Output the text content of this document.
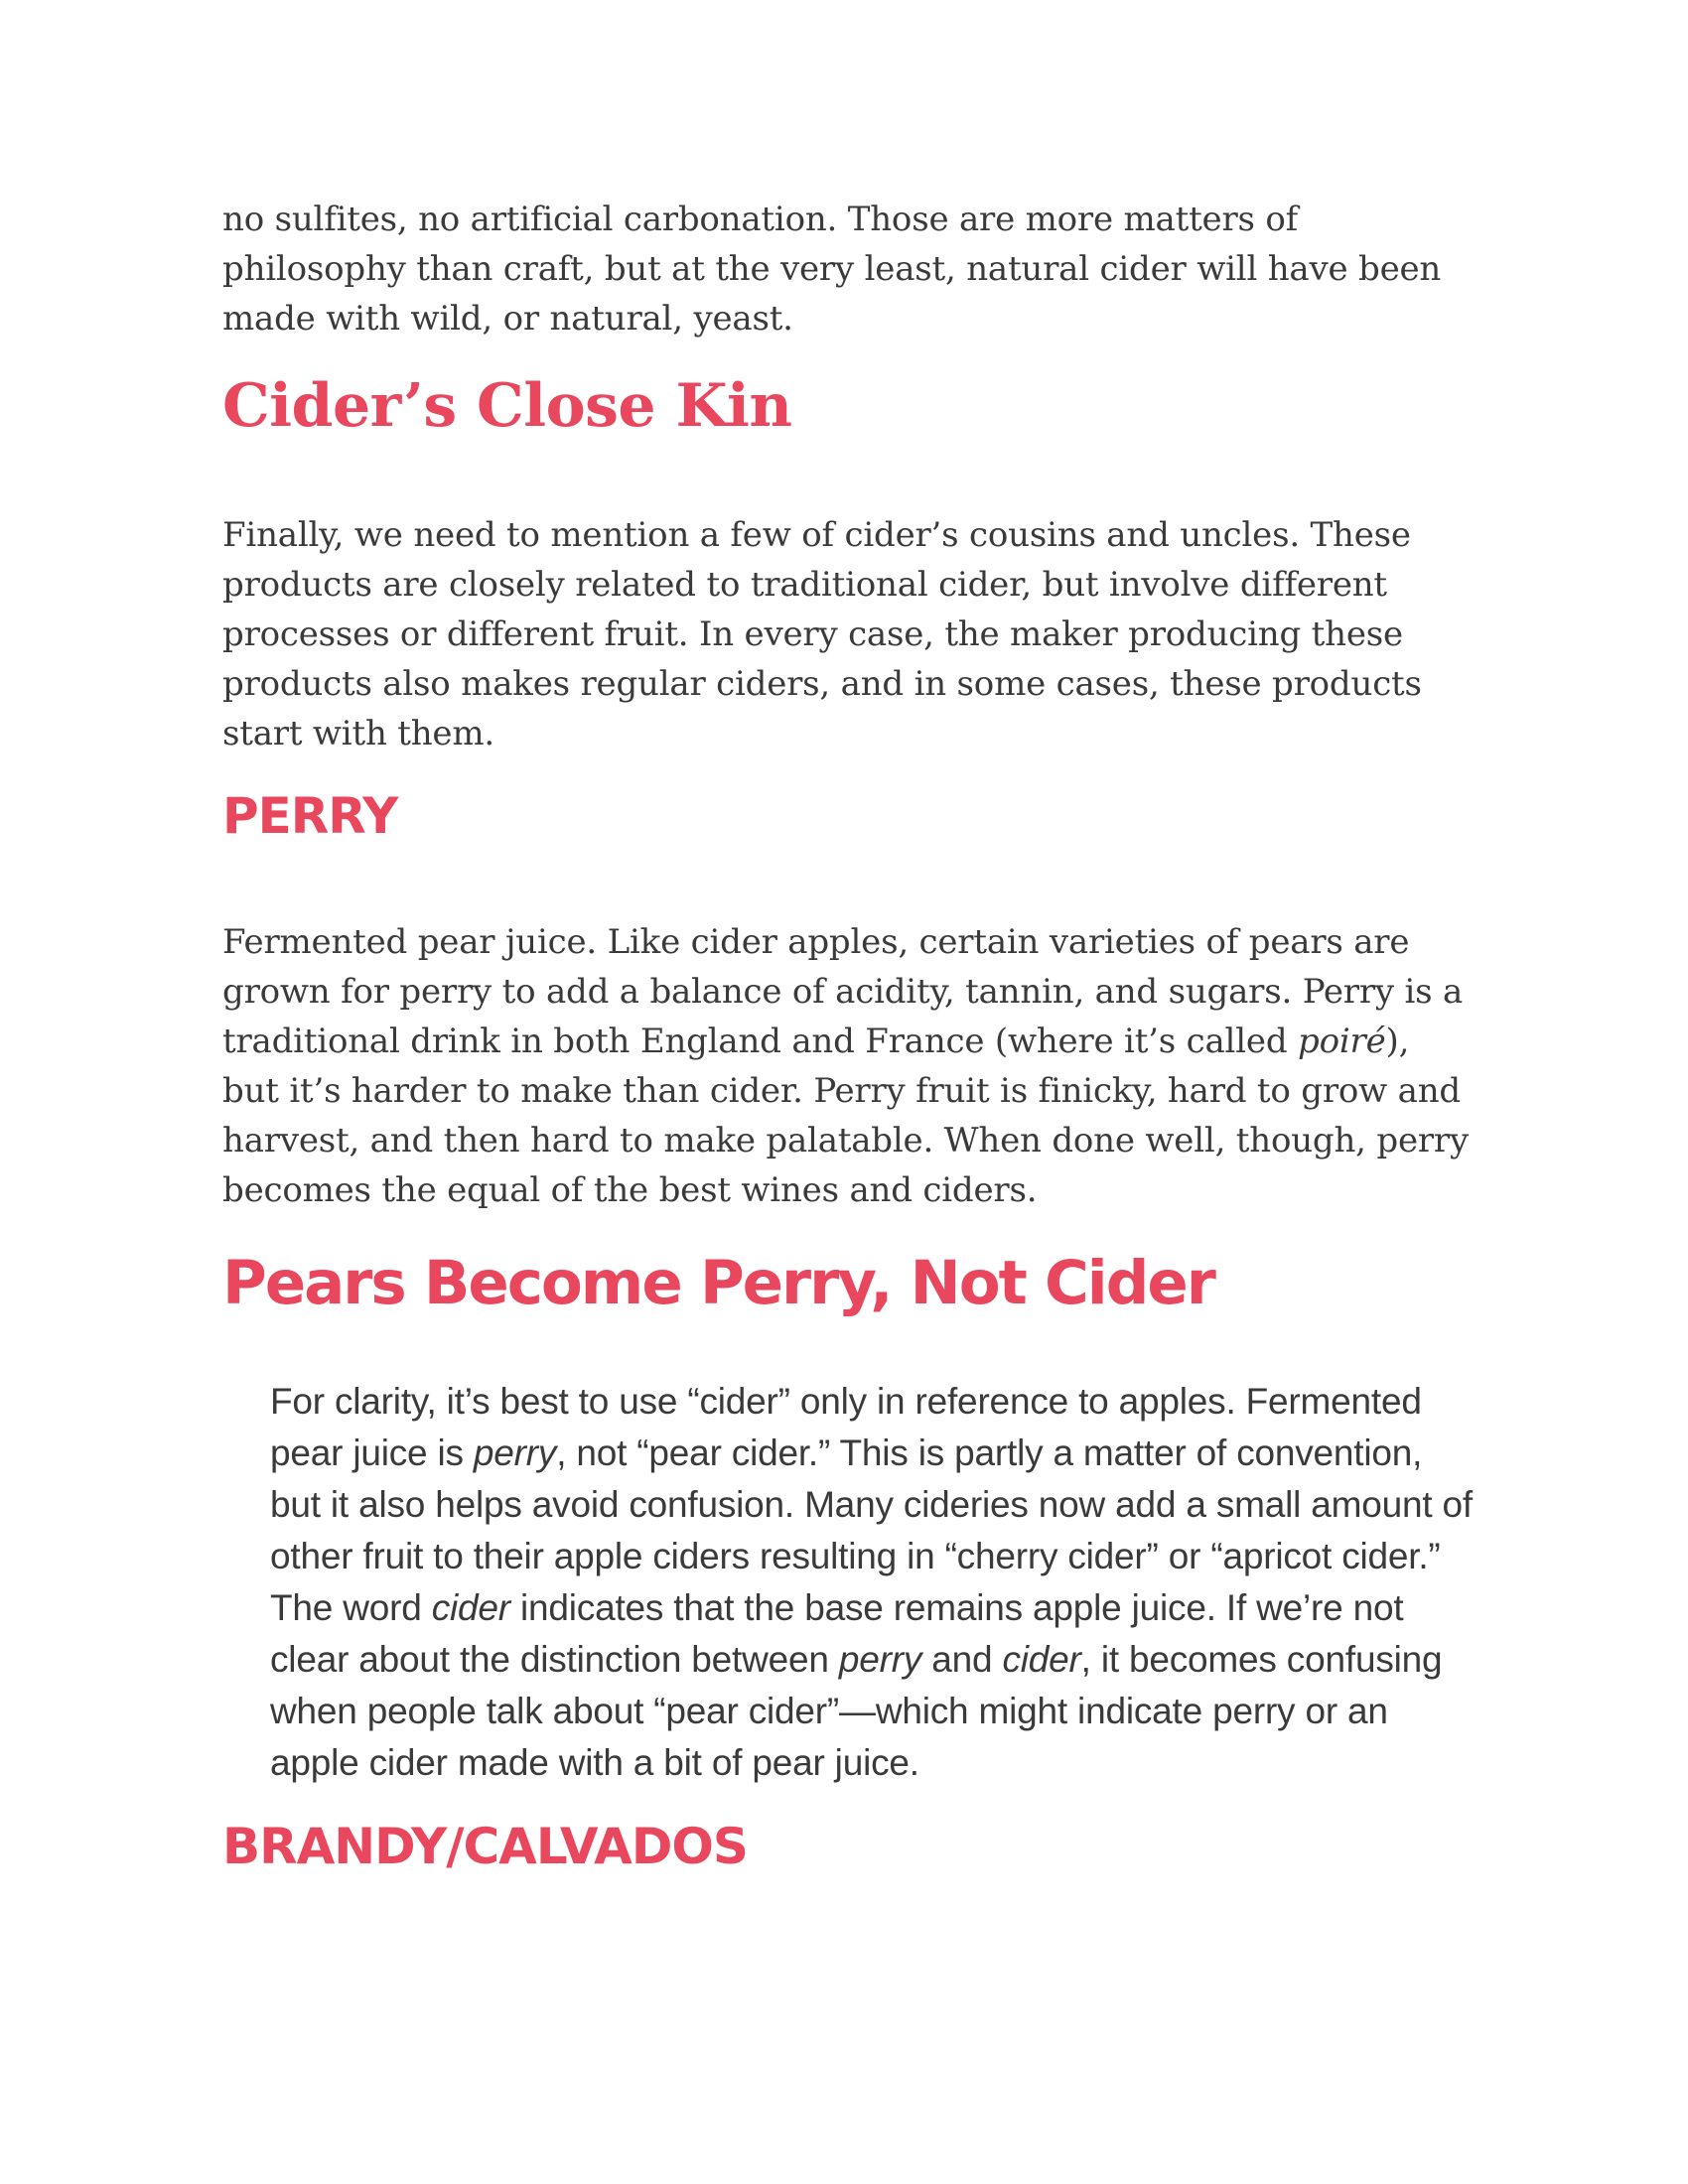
no sulfites, no artificial carbonation. Those are more matters of philosophy than craft, but at the very least, natural cider will have been made with wild, or natural, yeast.

Cider’s Close Kin

Finally, we need to mention a few of cider’s cousins and uncles. These products are closely related to traditional cider, but involve different processes or different fruit. In every case, the maker producing these products also makes regular ciders, and in some cases, these products start with them.

PERRY

Fermented pear juice. Like cider apples, certain varieties of pears are grown for perry to add a balance of acidity, tannin, and sugars. Perry is a traditional drink in both England and France (where it’s called poiré), but it’s harder to make than cider. Perry fruit is finicky, hard to grow and harvest, and then hard to make palatable. When done well, though, perry becomes the equal of the best wines and ciders.

Pears Become Perry, Not Cider

For clarity, it’s best to use “cider” only in reference to apples. Fermented pear juice is perry, not “pear cider.” This is partly a matter of convention, but it also helps avoid confusion. Many cideries now add a small amount of other fruit to their apple ciders resulting in “cherry cider” or “apricot cider.” The word cider indicates that the base remains apple juice. If we’re not clear about the distinction between perry and cider, it becomes confusing when people talk about “pear cider”—which might indicate perry or an apple cider made with a bit of pear juice.

BRANDY/CALVADOS
